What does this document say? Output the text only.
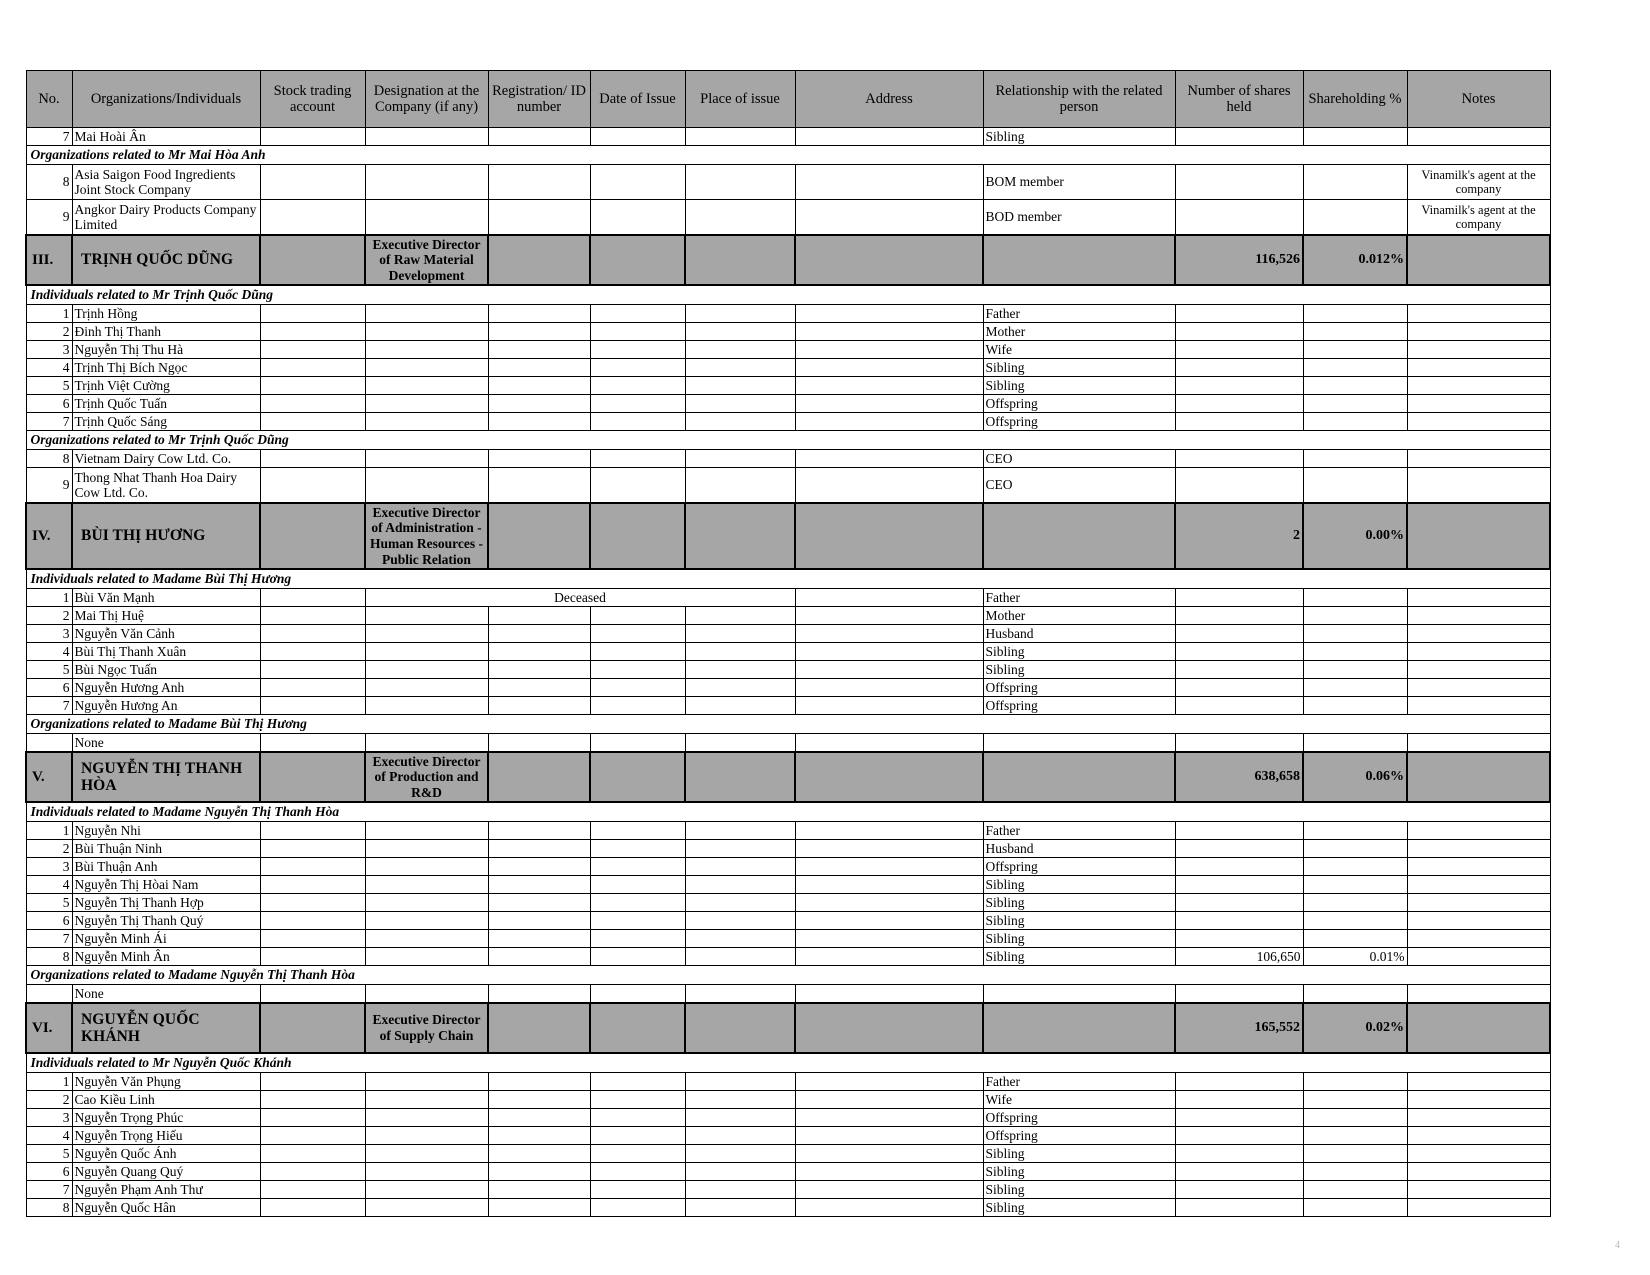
No.	Organizations/Individuals	Stock trading account	Designation at the Company (if any)	Registration/ ID number	Date of Issue	Place of issue	Address	Relationship with the related person	Number of shares held	Shareholding %	Notes
7	Mai Hoài Ân							Sibling			
Organizations related to Mr Mai Hòa Anh											
8	Asia Saigon Food Ingredients Joint Stock Company							BOM member			Vinamilk's agent at the company
9	Angkor Dairy Products Company Limited							BOD member			Vinamilk's agent at the company
III.	TRỊNH QUỐC DŨNG		Executive Director of Raw Material Development						116,526	0.012%	
Individuals related to Mr Trịnh Quốc Dũng											
1	Trịnh Hồng							Father			
2	Đinh Thị Thanh							Mother			
3	Nguyễn Thị Thu Hà							Wife			
4	Trịnh Thị Bích Ngọc							Sibling			
5	Trịnh Việt Cường							Sibling			
6	Trịnh Quốc Tuấn							Offspring			
7	Trịnh Quốc Sáng							Offspring			
Organizations related to Mr Trịnh Quốc Dũng											
8	Vietnam Dairy Cow Ltd. Co.							CEO			
9	Thong Nhat Thanh Hoa Dairy Cow Ltd. Co.							CEO			
IV.	BÙI THỊ HƯƠNG		Executive Director of Administration - Human Resources - Public Relation						2	0.00%	
Individuals related to Madame Bùi Thị Hương											
1	Bùi Văn Mạnh		Deceased					Father			
2	Mai Thị Huệ							Mother			
3	Nguyễn Văn Cảnh							Husband			
4	Bùi Thị Thanh Xuân							Sibling			
5	Bùi Ngọc Tuấn							Sibling			
6	Nguyễn Hương Anh							Offspring			
7	Nguyễn Hương An							Offspring			
Organizations related to Madame Bùi Thị Hương											
	None										
V.	NGUYỄN THỊ THANH HÒA		Executive Director of Production and R&D						638,658	0.06%	
Individuals related to Madame Nguyễn Thị Thanh Hòa											
1	Nguyễn Nhi							Father			
2	Bùi Thuận Ninh							Husband			
3	Bùi Thuận Anh							Offspring			
4	Nguyễn Thị Hòai Nam							Sibling			
5	Nguyễn Thị Thanh Hợp							Sibling			
6	Nguyễn Thị Thanh Quý							Sibling			
7	Nguyễn Minh Ái							Sibling			
8	Nguyễn Minh Ân							Sibling	106,650	0.01%	
Organizations related to Madame Nguyễn Thị Thanh Hòa											
	None										
VI.	NGUYỄN QUỐC KHÁNH		Executive Director of Supply Chain						165,552	0.02%	
Individuals related to Mr Nguyễn Quốc Khánh											
1	Nguyễn Văn Phụng							Father			
2	Cao Kiều Linh							Wife			
3	Nguyễn Trọng Phúc							Offspring			
4	Nguyễn Trọng Hiếu							Offspring			
5	Nguyễn Quốc Ánh							Sibling			
6	Nguyễn Quang Quý							Sibling			
7	Nguyễn Phạm Anh Thư							Sibling			
8	Nguyễn Quốc Hân							Sibling			
4
